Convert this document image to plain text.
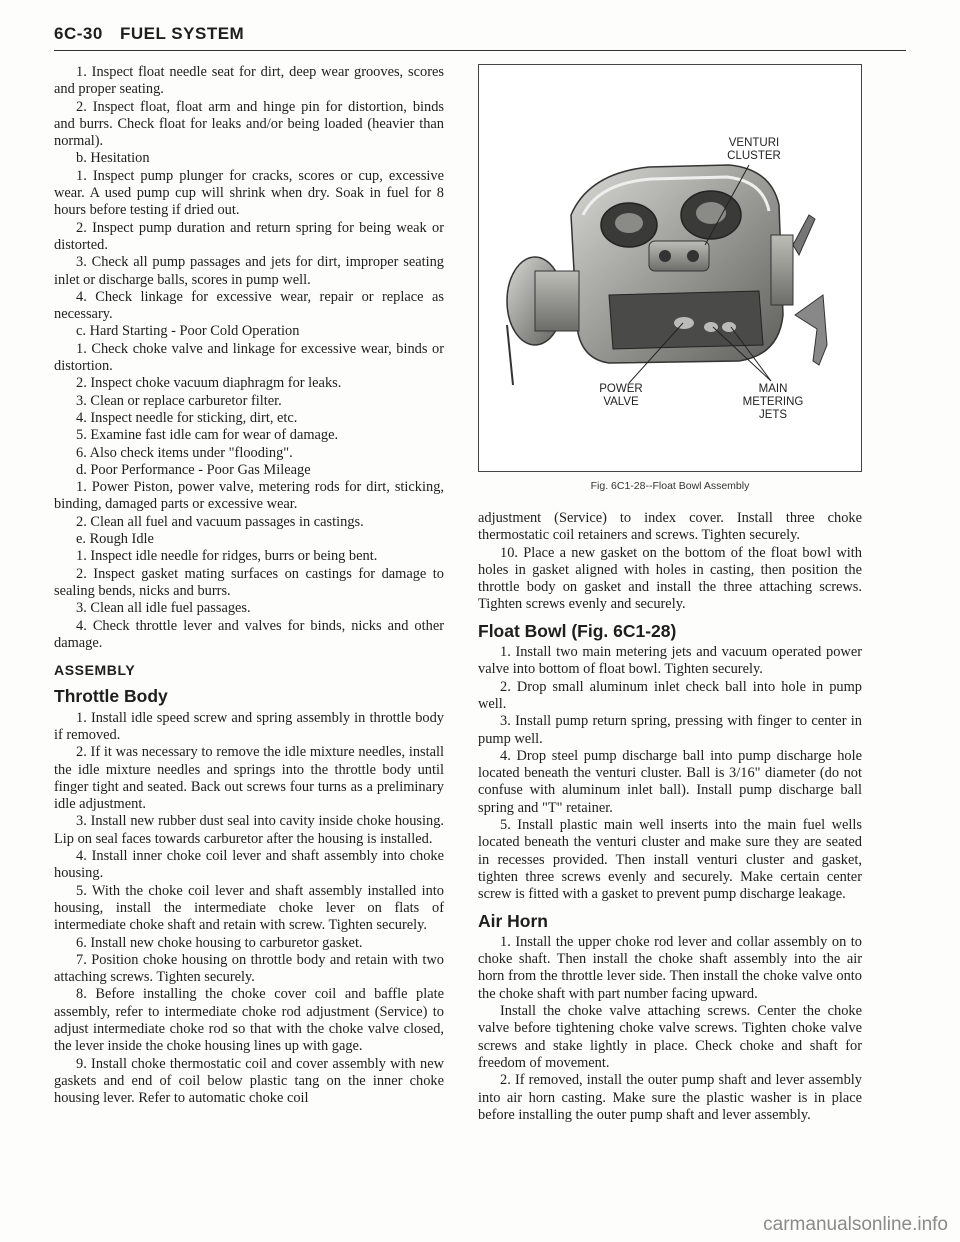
6C-30 FUEL SYSTEM

1. Inspect float needle seat for dirt, deep wear grooves, scores and proper seating.

2. Inspect float, float arm and hinge pin for distortion, binds and burrs. Check float for leaks and/or being loaded (heavier than normal).

b. Hesitation

1. Inspect pump plunger for cracks, scores or cup, excessive wear. A used pump cup will shrink when dry. Soak in fuel for 8 hours before testing if dried out.

2. Inspect pump duration and return spring for being weak or distorted.

3. Check all pump passages and jets for dirt, improper seating inlet or discharge balls, scores in pump well.

4. Check linkage for excessive wear, repair or replace as necessary.

c. Hard Starting - Poor Cold Operation

1. Check choke valve and linkage for excessive wear, binds or distortion.

2. Inspect choke vacuum diaphragm for leaks.

3. Clean or replace carburetor filter.

4. Inspect needle for sticking, dirt, etc.

5. Examine fast idle cam for wear of damage.

6. Also check items under "flooding".

d. Poor Performance - Poor Gas Mileage

1. Power Piston, power valve, metering rods for dirt, sticking, binding, damaged parts or excessive wear.

2. Clean all fuel and vacuum passages in castings.

e. Rough Idle

1. Inspect idle needle for ridges, burrs or being bent.

2. Inspect gasket mating surfaces on castings for damage to sealing bends, nicks and burrs.

3. Clean all idle fuel passages.

4. Check throttle lever and valves for binds, nicks and other damage.

ASSEMBLY
Throttle Body

1. Install idle speed screw and spring assembly in throttle body if removed.

2. If it was necessary to remove the idle mixture needles, install the idle mixture needles and springs into the throttle body until finger tight and seated. Back out screws four turns as a preliminary idle adjustment.

3. Install new rubber dust seal into cavity inside choke housing. Lip on seal faces towards carburetor after the housing is installed.

4. Install inner choke coil lever and shaft assembly into choke housing.

5. With the choke coil lever and shaft assembly installed into housing, install the intermediate choke lever on flats of intermediate choke shaft and retain with screw. Tighten securely.

6. Install new choke housing to carburetor gasket.

7. Position choke housing on throttle body and retain with two attaching screws. Tighten securely.

8. Before installing the choke cover coil and baffle plate assembly, refer to intermediate choke rod adjustment (Service) to adjust intermediate choke rod so that with the choke valve closed, the lever inside the choke housing lines up with gage.

9. Install choke thermostatic coil and cover assembly with new gaskets and end of coil below plastic tang on the inner choke housing lever. Refer to automatic choke coil

VENTURI
CLUSTER
POWER
VALVE
MAIN
METERING
JETS
Fig. 6C1-28--Float Bowl Assembly

adjustment (Service) to index cover. Install three choke thermostatic coil retainers and screws. Tighten securely.

10. Place a new gasket on the bottom of the float bowl with holes in gasket aligned with holes in casting, then position the throttle body on gasket and install the three attaching screws. Tighten screws evenly and securely.

Float Bowl (Fig. 6C1-28)

1. Install two main metering jets and vacuum operated power valve into bottom of float bowl. Tighten securely.

2. Drop small aluminum inlet check ball into hole in pump well.

3. Install pump return spring, pressing with finger to center in pump well.

4. Drop steel pump discharge ball into pump discharge hole located beneath the venturi cluster. Ball is 3/16" diameter (do not confuse with aluminum inlet ball). Install pump discharge ball spring and "T" retainer.

5. Install plastic main well inserts into the main fuel wells located beneath the venturi cluster and make sure they are seated in recesses provided. Then install venturi cluster and gasket, tighten three screws evenly and securely. Make certain center screw is fitted with a gasket to prevent pump discharge leakage.

Air Horn

1. Install the upper choke rod lever and collar assembly on to choke shaft. Then install the choke shaft assembly into the air horn from the throttle lever side. Then install the choke valve onto the choke shaft with part number facing upward.

Install the choke valve attaching screws. Center the choke valve before tightening choke valve screws. Tighten choke valve screws and stake lightly in place. Check choke and shaft for freedom of movement.

2. If removed, install the outer pump shaft and lever assembly into air horn casting. Make sure the plastic washer is in place before installing the outer pump shaft and lever assembly.

carmanualsonline.info
